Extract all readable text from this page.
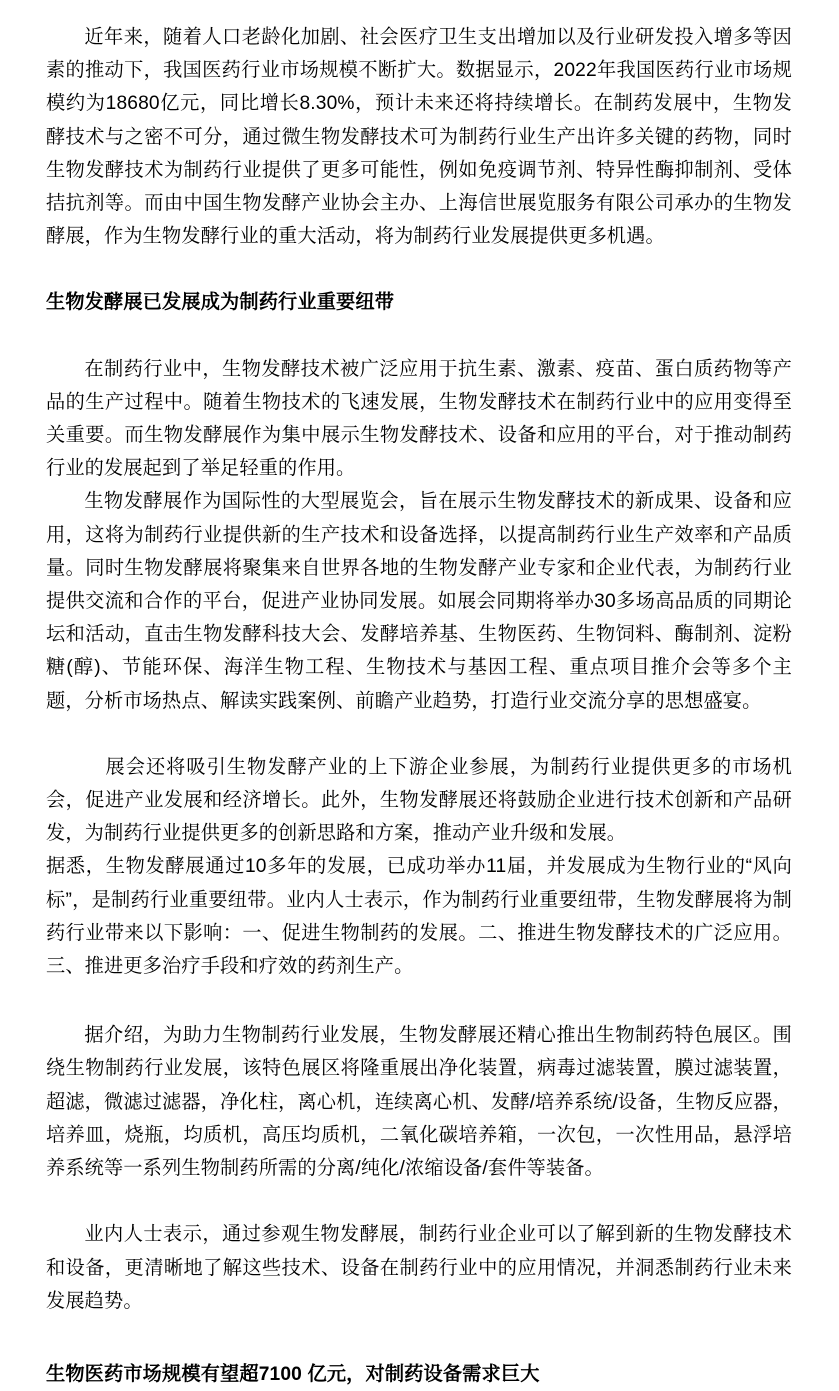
近年来，随着人口老龄化加剧、社会医疗卫生支出增加以及行业研发投入增多等因素的推动下，我国医药行业市场规模不断扩大。数据显示，2022年我国医药行业市场规模约为18680亿元，同比增长8.30%，预计未来还将持续增长。在制药发展中，生物发酵技术与之密不可分，通过微生物发酵技术可为制药行业生产出许多关键的药物，同时生物发酵技术为制药行业提供了更多可能性，例如免疫调节剂、特异性酶抑制剂、受体拮抗剂等。而由中国生物发酵产业协会主办、上海信世展览服务有限公司承办的生物发酵展，作为生物发酵行业的重大活动，将为制药行业发展提供更多机遇。

生物发酵展已发展成为制药行业重要纽带

在制药行业中，生物发酵技术被广泛应用于抗生素、激素、疫苗、蛋白质药物等产品的生产过程中。随着生物技术的飞速发展，生物发酵技术在制药行业中的应用变得至关重要。而生物发酵展作为集中展示生物发酵技术、设备和应用的平台，对于推动制药行业的发展起到了举足轻重的作用。

生物发酵展作为国际性的大型展览会，旨在展示生物发酵技术的新成果、设备和应用，这将为制药行业提供新的生产技术和设备选择，以提高制药行业生产效率和产品质量。同时生物发酵展将聚集来自世界各地的生物发酵产业专家和企业代表，为制药行业提供交流和合作的平台，促进产业协同发展。如展会同期将举办30多场高品质的同期论坛和活动，直击生物发酵科技大会、发酵培养基、生物医药、生物饲料、酶制剂、淀粉糖(醇)、节能环保、海洋生物工程、生物技术与基因工程、重点项目推介会等多个主题，分析市场热点、解读实践案例、前瞻产业趋势，打造行业交流分享的思想盛宴。

展会还将吸引生物发酵产业的上下游企业参展，为制药行业提供更多的市场机会，促进产业发展和经济增长。此外，生物发酵展还将鼓励企业进行技术创新和产品研发，为制药行业提供更多的创新思路和方案，推动产业升级和发展。

据悉，生物发酵展通过10多年的发展，已成功举办11届，并发展成为生物行业的“风向标”，是制药行业重要纽带。业内人士表示，作为制药行业重要纽带，生物发酵展将为制药行业带来以下影响：一、促进生物制药的发展。二、推进生物发酵技术的广泛应用。三、推进更多治疗手段和疗效的药剂生产。

据介绍，为助力生物制药行业发展，生物发酵展还精心推出生物制药特色展区。围绕生物制药行业发展，该特色展区将隆重展出净化装置，病毒过滤装置，膜过滤装置，超滤，微滤过滤器，净化柱，离心机，连续离心机、发酵/培养系统/设备，生物反应器，培养皿，烧瓶，均质机，高压均质机，二氧化碳培养箱，一次包，一次性用品，悬浮培养系统等一系列生物制药所需的分离/纯化/浓缩设备/套件等装备。

业内人士表示，通过参观生物发酵展，制药行业企业可以了解到新的生物发酵技术和设备，更清晰地了解这些技术、设备在制药行业中的应用情况，并洞悉制药行业未来发展趋势。

生物医药市场规模有望超7100 亿元，对制药设备需求巨大
